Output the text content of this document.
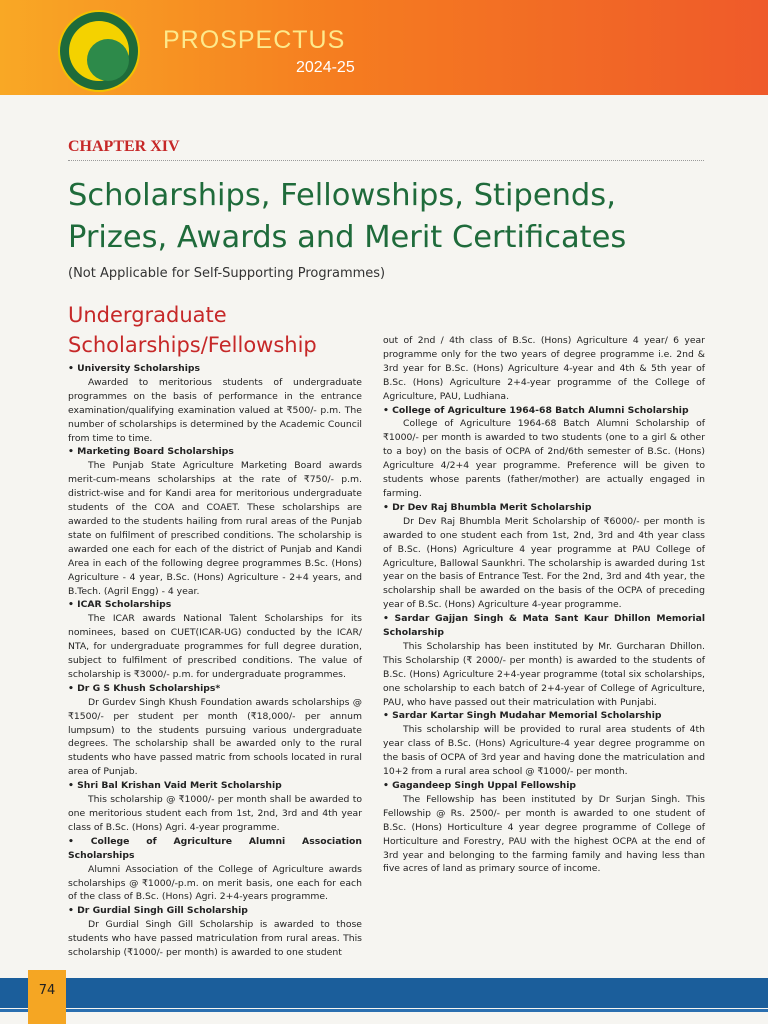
PROSPECTUS
2024-25
CHAPTER XIV
Scholarships, Fellowships, Stipends,
Prizes, Awards and Merit Certificates
(Not Applicable for Self-Supporting Programmes)
Undergraduate
Scholarships/Fellowship

• University Scholarships

Awarded to meritorious students of undergraduate programmes on the basis of performance in the entrance examination/qualifying examination valued at ₹500/- p.m. The number of scholarships is determined by the Academic Council from time to time.

• Marketing Board Scholarships

The Punjab State Agriculture Marketing Board awards merit-cum-means scholarships at the rate of ₹750/- p.m. district-wise and for Kandi area for meritorious undergraduate students of the COA and COAET. These scholarships are awarded to the students hailing from rural areas of the Punjab state on fulfilment of prescribed conditions. The scholarship is awarded one each for each of the district of Punjab and Kandi Area in each of the following degree programmes B.Sc. (Hons) Agriculture - 4 year, B.Sc. (Hons) Agriculture - 2+4 years, and B.Tech. (Agril Engg) - 4 year.

• ICAR Scholarships

The ICAR awards National Talent Scholarships for its nominees, based on CUET(ICAR-UG) conducted by the ICAR/ NTA, for undergraduate programmes for full degree duration, subject to fulfilment of prescribed conditions. The value of scholarship is ₹3000/- p.m. for undergraduate programmes.

• Dr G S Khush Scholarships*

Dr Gurdev Singh Khush Foundation awards scholarships @ ₹1500/- per student per month (₹18,000/- per annum lumpsum) to the students pursuing various undergraduate degrees. The scholarship shall be awarded only to the rural students who have passed matric from schools located in rural area of Punjab.

• Shri Bal Krishan Vaid Merit Scholarship

This scholarship @ ₹1000/- per month shall be awarded to one meritorious student each from 1st, 2nd, 3rd and 4th year class of B.Sc. (Hons) Agri. 4-year programme.

• College of Agriculture Alumni Association Scholarships

Alumni Association of the College of Agriculture awards scholarships @ ₹1000/-p.m. on merit basis, one each for each of the class of B.Sc. (Hons) Agri. 2+4-years programme.

• Dr Gurdial Singh Gill Scholarship

Dr Gurdial Singh Gill Scholarship is awarded to those students who have passed matriculation from rural areas. This scholarship (₹1000/- per month) is awarded to one student

out of 2nd / 4th class of B.Sc. (Hons) Agriculture 4 year/ 6 year programme only for the two years of degree programme i.e. 2nd & 3rd year for B.Sc. (Hons) Agriculture 4-year and 4th & 5th year of B.Sc. (Hons) Agriculture 2+4-year programme of the College of Agriculture, PAU, Ludhiana.

• College of Agriculture 1964-68 Batch Alumni Scholarship

College of Agriculture 1964-68 Batch Alumni Scholarship of ₹1000/- per month is awarded to two students (one to a girl & other to a boy) on the basis of OCPA of 2nd/6th semester of B.Sc. (Hons) Agriculture 4/2+4 year programme. Preference will be given to students whose parents (father/mother) are actually engaged in farming.

• Dr Dev Raj Bhumbla Merit Scholarship

Dr Dev Raj Bhumbla Merit Scholarship of ₹6000/- per month is awarded to one student each from 1st, 2nd, 3rd and 4th year class of B.Sc. (Hons) Agriculture 4 year programme at PAU College of Agriculture, Ballowal Saunkhri. The scholarship is awarded during 1st year on the basis of Entrance Test. For the 2nd, 3rd and 4th year, the scholarship shall be awarded on the basis of the OCPA of preceding year of B.Sc. (Hons) Agriculture 4-year programme.

• Sardar Gajjan Singh & Mata Sant Kaur Dhillon Memorial Scholarship

This Scholarship has been instituted by Mr. Gurcharan Dhillon. This Scholarship (₹ 2000/- per month) is awarded to the students of B.Sc. (Hons) Agriculture 2+4-year programme (total six scholarships, one scholarship to each batch of 2+4-year of College of Agriculture, PAU, who have passed out their matriculation with Punjabi.

• Sardar Kartar Singh Mudahar Memorial Scholarship

This scholarship will be provided to rural area students of 4th year class of B.Sc. (Hons) Agriculture-4 year degree programme on the basis of OCPA of 3rd year and having done the matriculation and 10+2 from a rural area school @ ₹1000/- per month.

• Gagandeep Singh Uppal Fellowship

The Fellowship has been instituted by Dr Surjan Singh. This Fellowship @ Rs. 2500/- per month is awarded to one student of B.Sc. (Hons) Horticulture 4 year degree programme of College of Horticulture and Forestry, PAU with the highest OCPA at the end of 3rd year and belonging to the farming family and having less than five acres of land as primary source of income.

74
